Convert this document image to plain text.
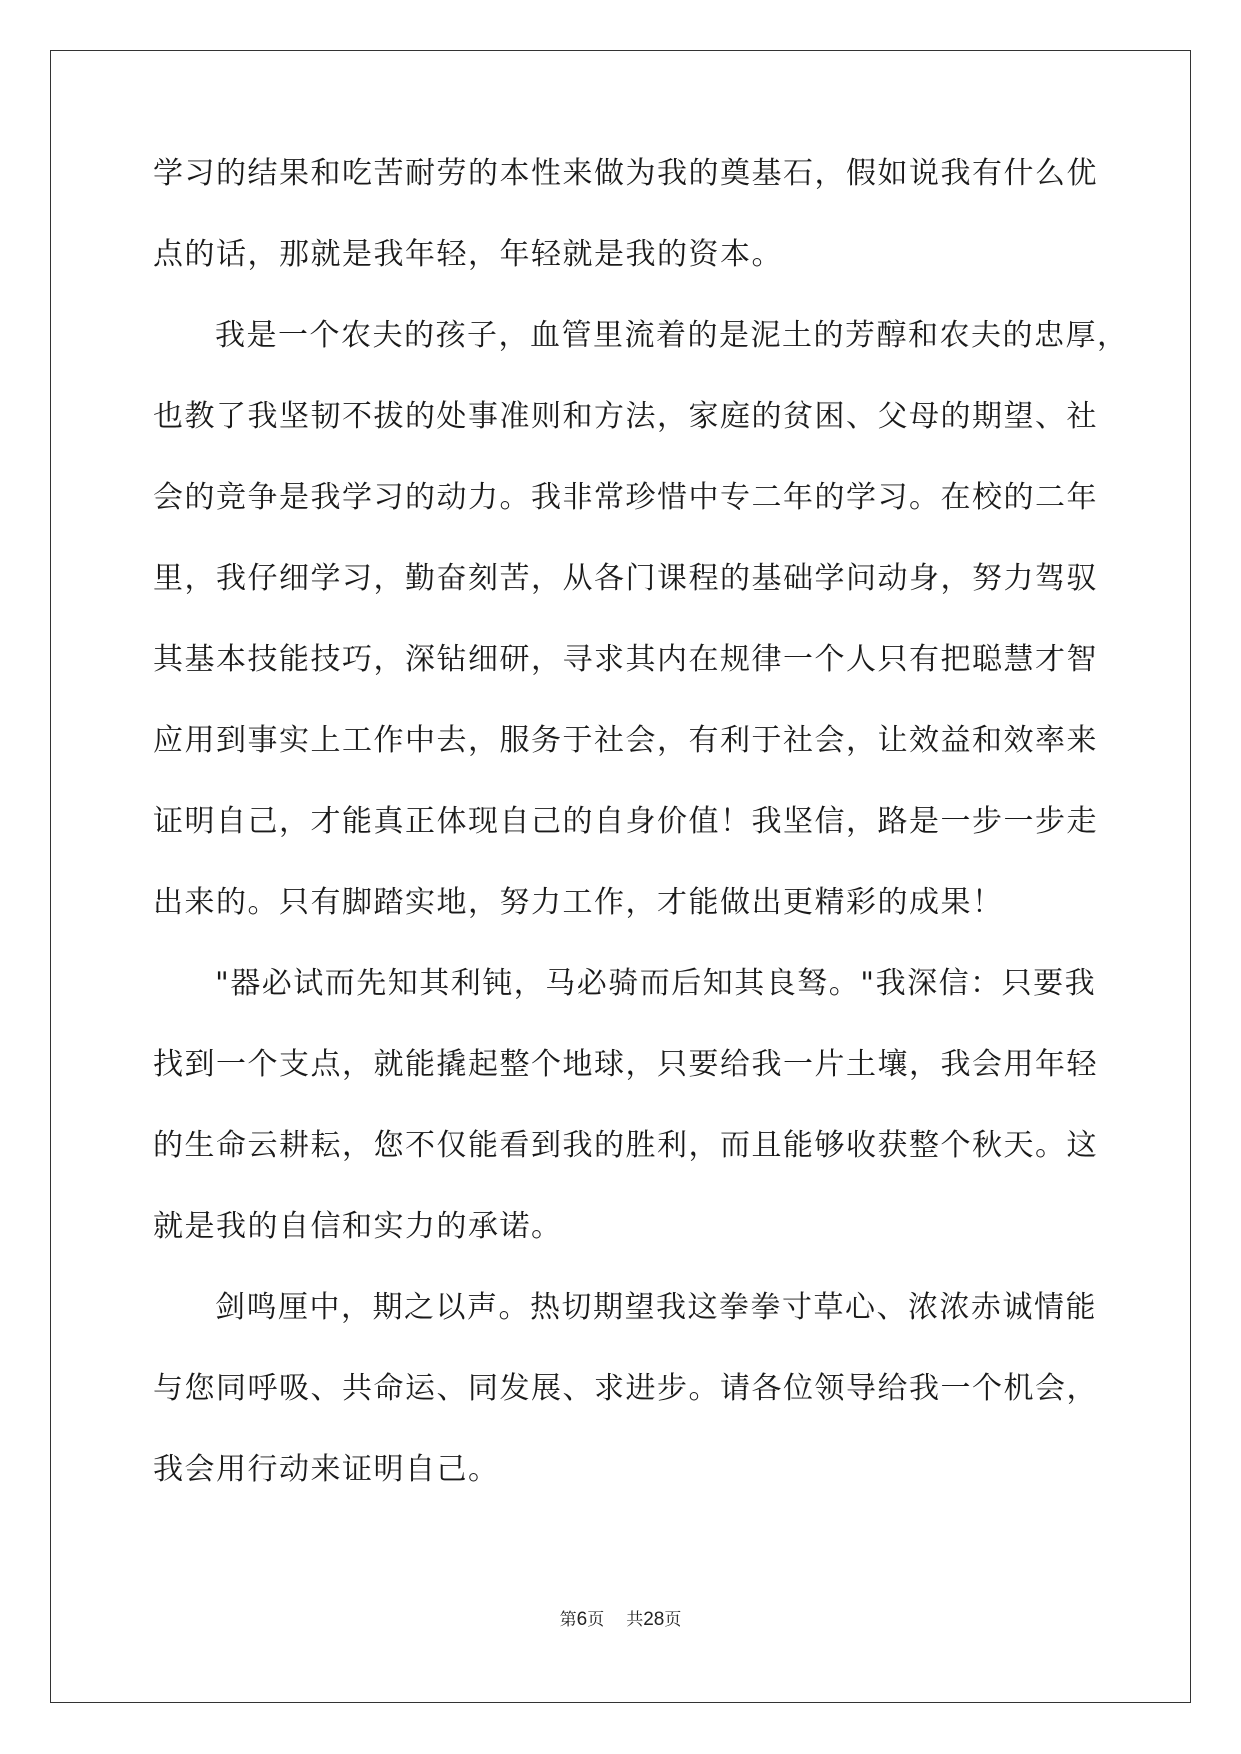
学习的结果和吃苦耐劳的本性来做为我的奠基石，假如说我有什么优
点的话，那就是我年轻，年轻就是我的资本。
我是一个农夫的孩子，血管里流着的是泥土的芳醇和农夫的忠厚，
也教了我坚韧不拔的处事准则和方法，家庭的贫困、父母的期望、社
会的竞争是我学习的动力。我非常珍惜中专二年的学习。在校的二年
里，我仔细学习，勤奋刻苦，从各门课程的基础学问动身，努力驾驭
其基本技能技巧，深钻细研，寻求其内在规律一个人只有把聪慧才智
应用到事实上工作中去，服务于社会，有利于社会，让效益和效率来
证明自己，才能真正体现自己的自身价值！我坚信，路是一步一步走
出来的。只有脚踏实地，努力工作，才能做出更精彩的成果！
"器必试而先知其利钝，马必骑而后知其良驽。"我深信：只要我
找到一个支点，就能撬起整个地球，只要给我一片土壤，我会用年轻
的生命云耕耘，您不仅能看到我的胜利，而且能够收获整个秋天。这
就是我的自信和实力的承诺。
剑鸣厘中，期之以声。热切期望我这拳拳寸草心、浓浓赤诚情能
与您同呼吸、共命运、同发展、求进步。请各位领导给我一个机会，
我会用行动来证明自己。
第6页 共28页
